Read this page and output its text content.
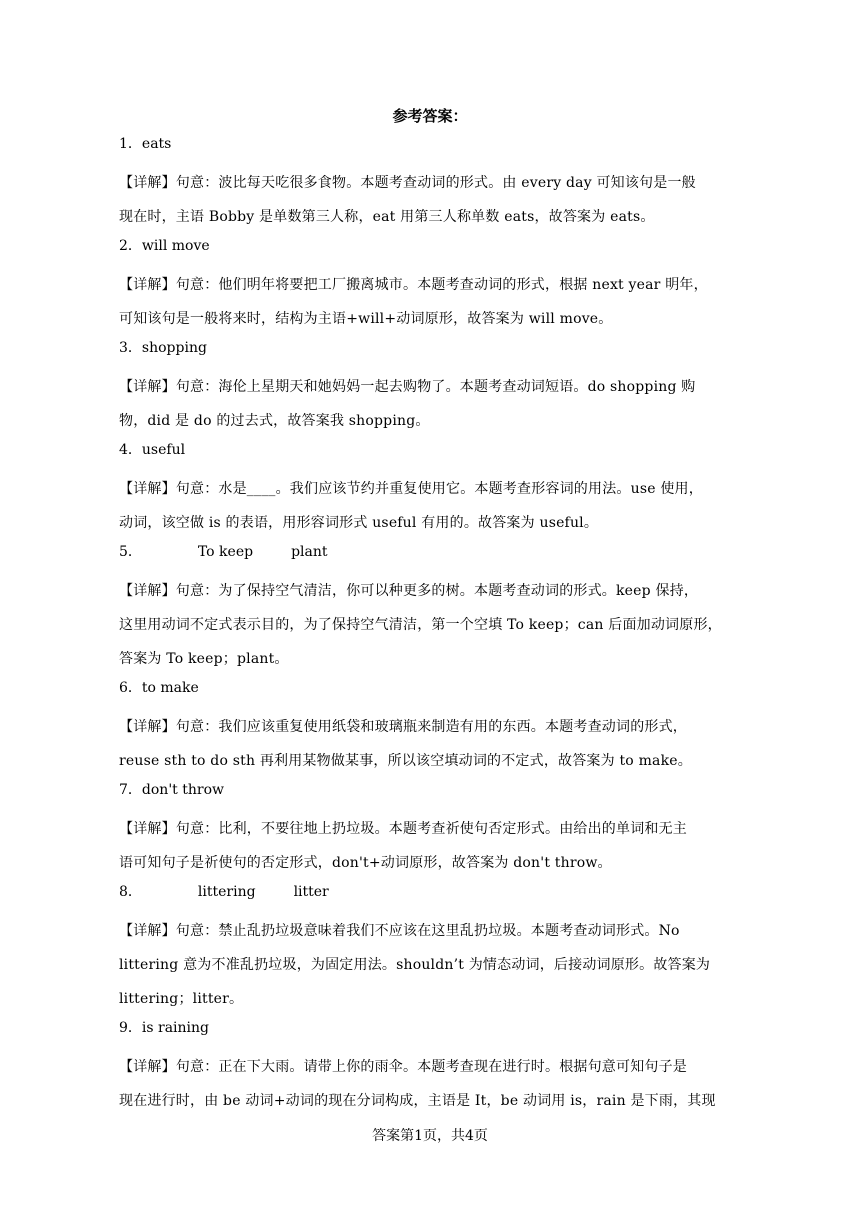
参考答案：
1．eats
【详解】句意：波比每天吃很多食物。本题考查动词的形式。由 every day 可知该句是一般
现在时，主语 Bobby 是单数第三人称，eat 用第三人称单数 eats，故答案为 eats。
2．will move
【详解】句意：他们明年将要把工厂搬离城市。本题考查动词的形式，根据 next year 明年，
可知该句是一般将来时，结构为主语+will+动词原形，故答案为 will move。
3．shopping
【详解】句意：海伦上星期天和她妈妈一起去购物了。本题考查动词短语。do shopping 购
物，did 是 do 的过去式，故答案我 shopping。
4．useful
【详解】句意：水是____。我们应该节约并重复使用它。本题考查形容词的用法。use 使用，
动词，该空做 is 的表语，用形容词形式 useful 有用的。故答案为 useful。
5．	To keep	plant
【详解】句意：为了保持空气清洁，你可以种更多的树。本题考查动词的形式。keep 保持，
这里用动词不定式表示目的，为了保持空气清洁，第一个空填 To keep；can 后面加动词原形，
答案为 To keep；plant。
6．to make
【详解】句意：我们应该重复使用纸袋和玻璃瓶来制造有用的东西。本题考查动词的形式，
reuse sth to do sth 再利用某物做某事，所以该空填动词的不定式，故答案为 to make。
7．don't throw
【详解】句意：比利，不要往地上扔垃圾。本题考查祈使句否定形式。由给出的单词和无主
语可知句子是祈使句的否定形式，don't+动词原形，故答案为 don't throw。
8．	littering	litter
【详解】句意：禁止乱扔垃圾意味着我们不应该在这里乱扔垃圾。本题考查动词形式。No
littering 意为不准乱扔垃圾，为固定用法。shouldn’t 为情态动词，后接动词原形。故答案为
littering；litter。
9．is raining
【详解】句意：正在下大雨。请带上你的雨伞。本题考查现在进行时。根据句意可知句子是
现在进行时，由 be 动词+动词的现在分词构成，主语是 It，be 动词用 is，rain 是下雨，其现
答案第1页，共4页
